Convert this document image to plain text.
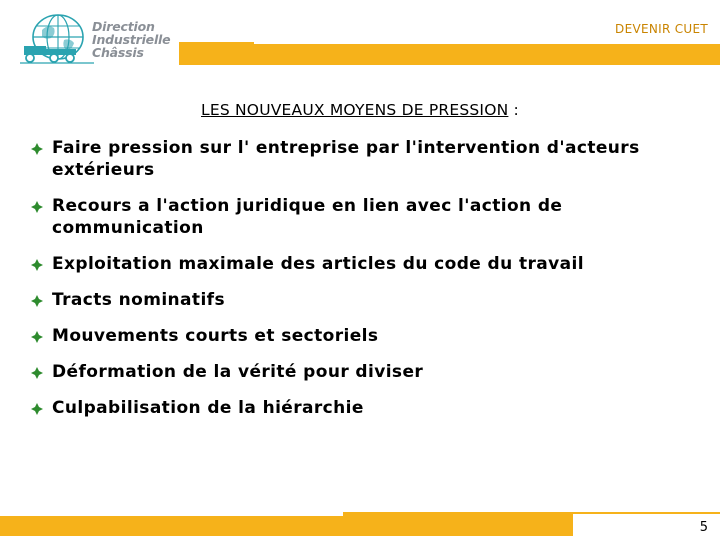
Direction
Industrielle
Châssis
DEVENIR CUET
LES NOUVEAUX MOYENS DE PRESSION :
Faire pression sur l' entreprise par l'intervention d'acteurs extérieurs
Recours a l'action juridique en lien avec l'action de communication
Exploitation maximale des articles du code du travail
Tracts nominatifs
Mouvements courts et sectoriels
Déformation de la vérité pour diviser
Culpabilisation de la hiérarchie
5
